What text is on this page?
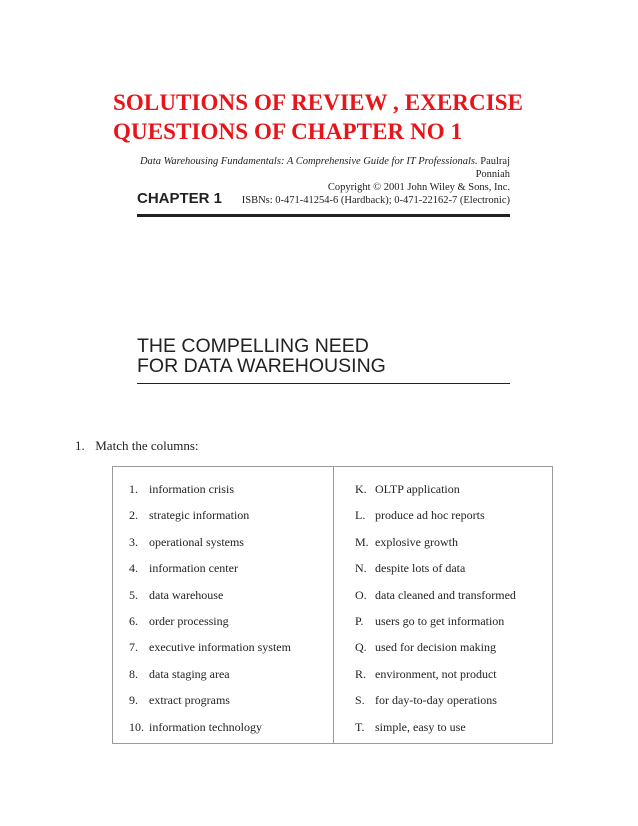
SOLUTIONS OF REVIEW , EXERCISE
QUESTIONS OF CHAPTER NO 1
Data Warehousing Fundamentals: A Comprehensive Guide for IT Professionals. Paulraj Ponniah
Copyright © 2001 John Wiley & Sons, Inc.
ISBNs: 0-471-41254-6 (Hardback); 0-471-22162-7 (Electronic)
CHAPTER 1
THE COMPELLING NEED
FOR DATA WAREHOUSING
1. Match the columns:
1. information crisis
2. strategic information
3. operational systems
4. information center
5. data warehouse
6. order processing
7. executive information system
8. data staging area
9. extract programs
10. information technology
K. OLTP application
L. produce ad hoc reports
M. explosive growth
N. despite lots of data
O. data cleaned and transformed
P. users go to get information
Q. used for decision making
R. environment, not product
S. for day-to-day operations
T. simple, easy to use
